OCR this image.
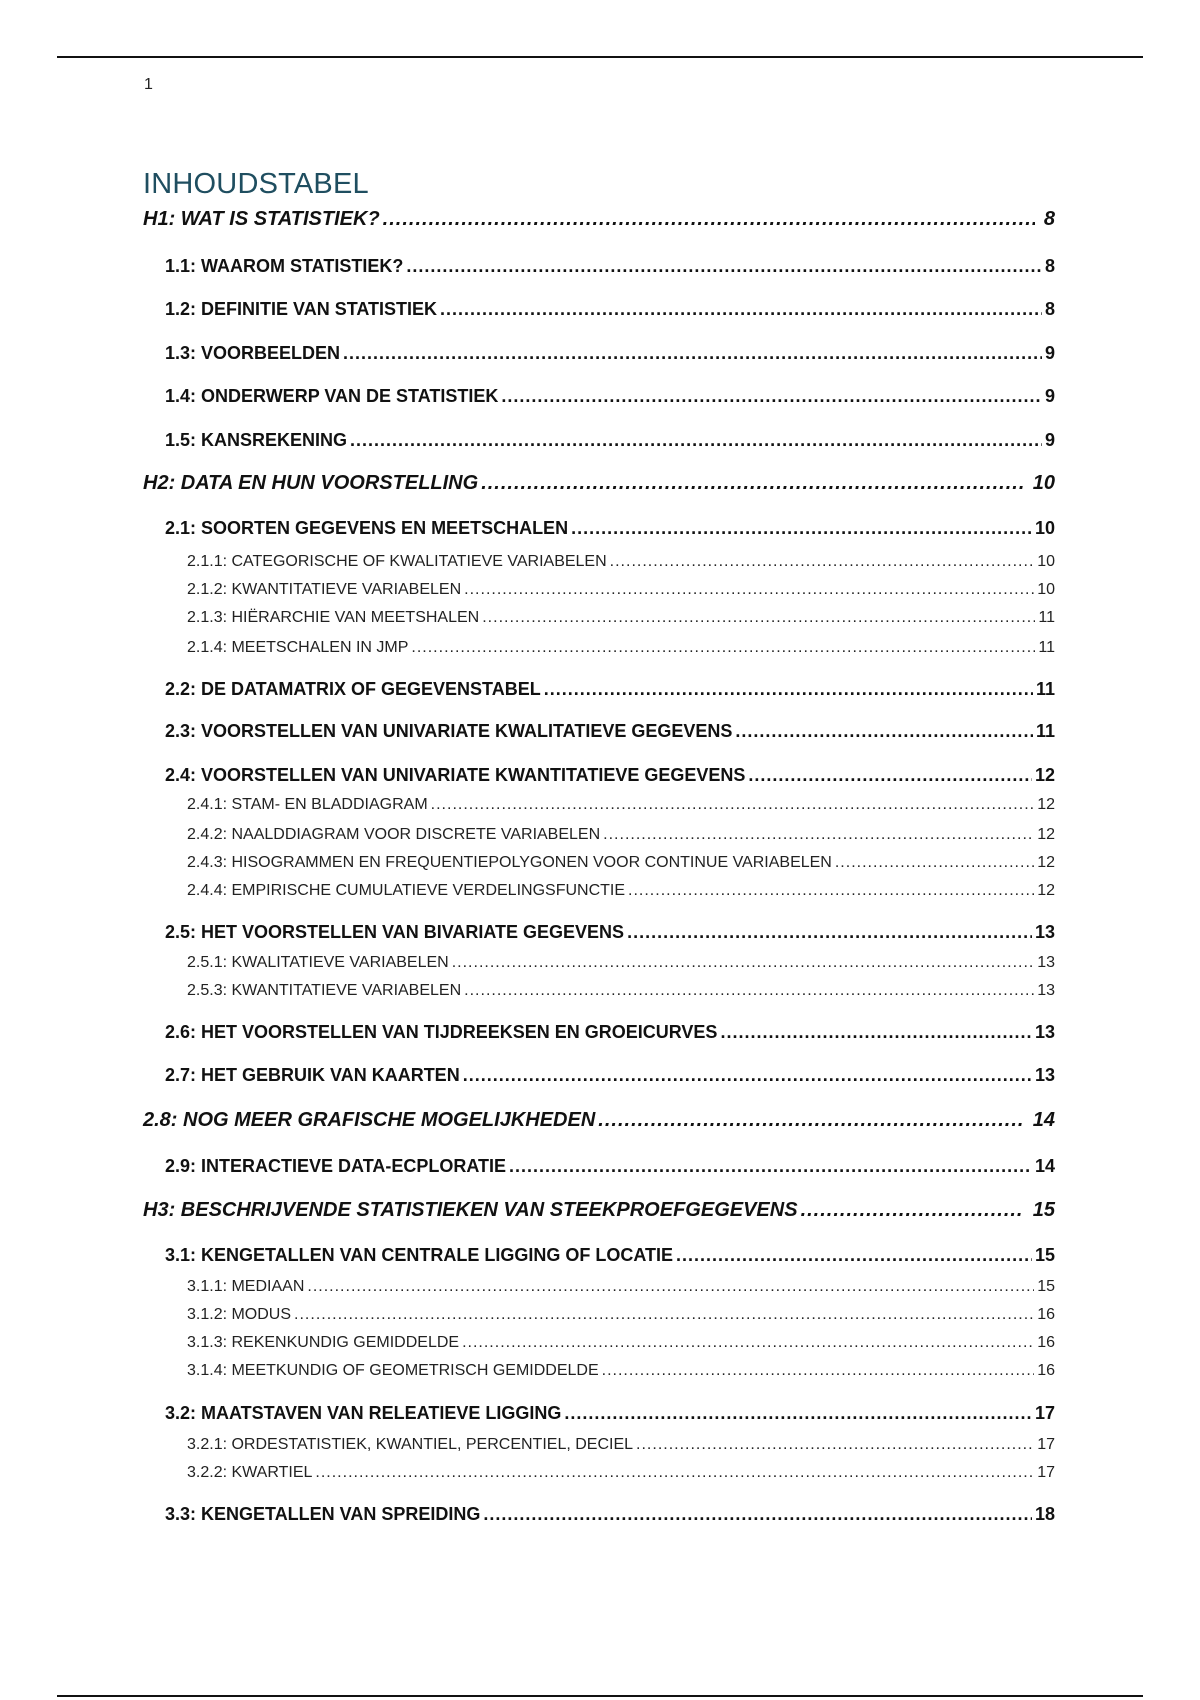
1
INHOUDSTABEL
H1: WAT IS STATISTIEK? .....	8
1.1: WAAROM STATISTIEK? .....	8
1.2: DEFINITIE VAN STATISTIEK .....	8
1.3: VOORBEELDEN .....	9
1.4: ONDERWERP VAN DE STATISTIEK .....	9
1.5: KANSREKENING .....	9
H2: DATA EN HUN VOORSTELLING .....	10
2.1: SOORTEN GEGEVENS EN MEETSCHALEN .....	10
2.1.1: CATEGORISCHE OF KWALITATIEVE VARIABELEN .....	10
2.1.2: KWANTITATIEVE VARIABELEN .....	10
2.1.3: HIËRARCHIE VAN MEETSHALEN .....	11
2.1.4: MEETSCHALEN IN JMP .....	11
2.2: DE DATAMATRIX OF GEGEVENSTABEL .....	11
2.3: VOORSTELLEN VAN UNIVARIATE KWALITATIEVE GEGEVENS .....	11
2.4: VOORSTELLEN VAN UNIVARIATE KWANTITATIEVE GEGEVENS .....	12
2.4.1: STAM- EN BLADDIAGRAM .....	12
2.4.2: NAALDDIAGRAM VOOR DISCRETE VARIABELEN .....	12
2.4.3: HISOGRAMMEN EN FREQUENTIEPOLYGONEN VOOR CONTINUE VARIABELEN .....	12
2.4.4: EMPIRISCHE CUMULATIEVE VERDELINGSFUNCTIE .....	12
2.5: HET VOORSTELLEN VAN BIVARIATE GEGEVENS .....	13
2.5.1: KWALITATIEVE VARIABELEN .....	13
2.5.3: KWANTITATIEVE VARIABELEN .....	13
2.6: HET VOORSTELLEN VAN TIJDREEKSEN EN GROEICURVES .....	13
2.7: HET GEBRUIK VAN KAARTEN .....	13
2.8: NOG MEER GRAFISCHE MOGELIJKHEDEN .....	14
2.9: INTERACTIEVE DATA-ECPLORATIE .....	14
H3: BESCHRIJVENDE STATISTIEKEN VAN STEEKPROEFGEGEVENS .....	15
3.1: KENGETALLEN VAN CENTRALE LIGGING OF LOCATIE .....	15
3.1.1: MEDIAAN .....	15
3.1.2: MODUS .....	16
3.1.3: REKENKUNDIG GEMIDDELDE .....	16
3.1.4: MEETKUNDIG OF GEOMETRISCH GEMIDDELDE .....	16
3.2: MAATSTAVEN VAN RELEATIEVE LIGGING .....	17
3.2.1: ORDESTATISTIEK, KWANTIEL, PERCENTIEL, DECIEL .....	17
3.2.2: KWARTIEL .....	17
3.3: KENGETALLEN VAN SPREIDING .....	18
